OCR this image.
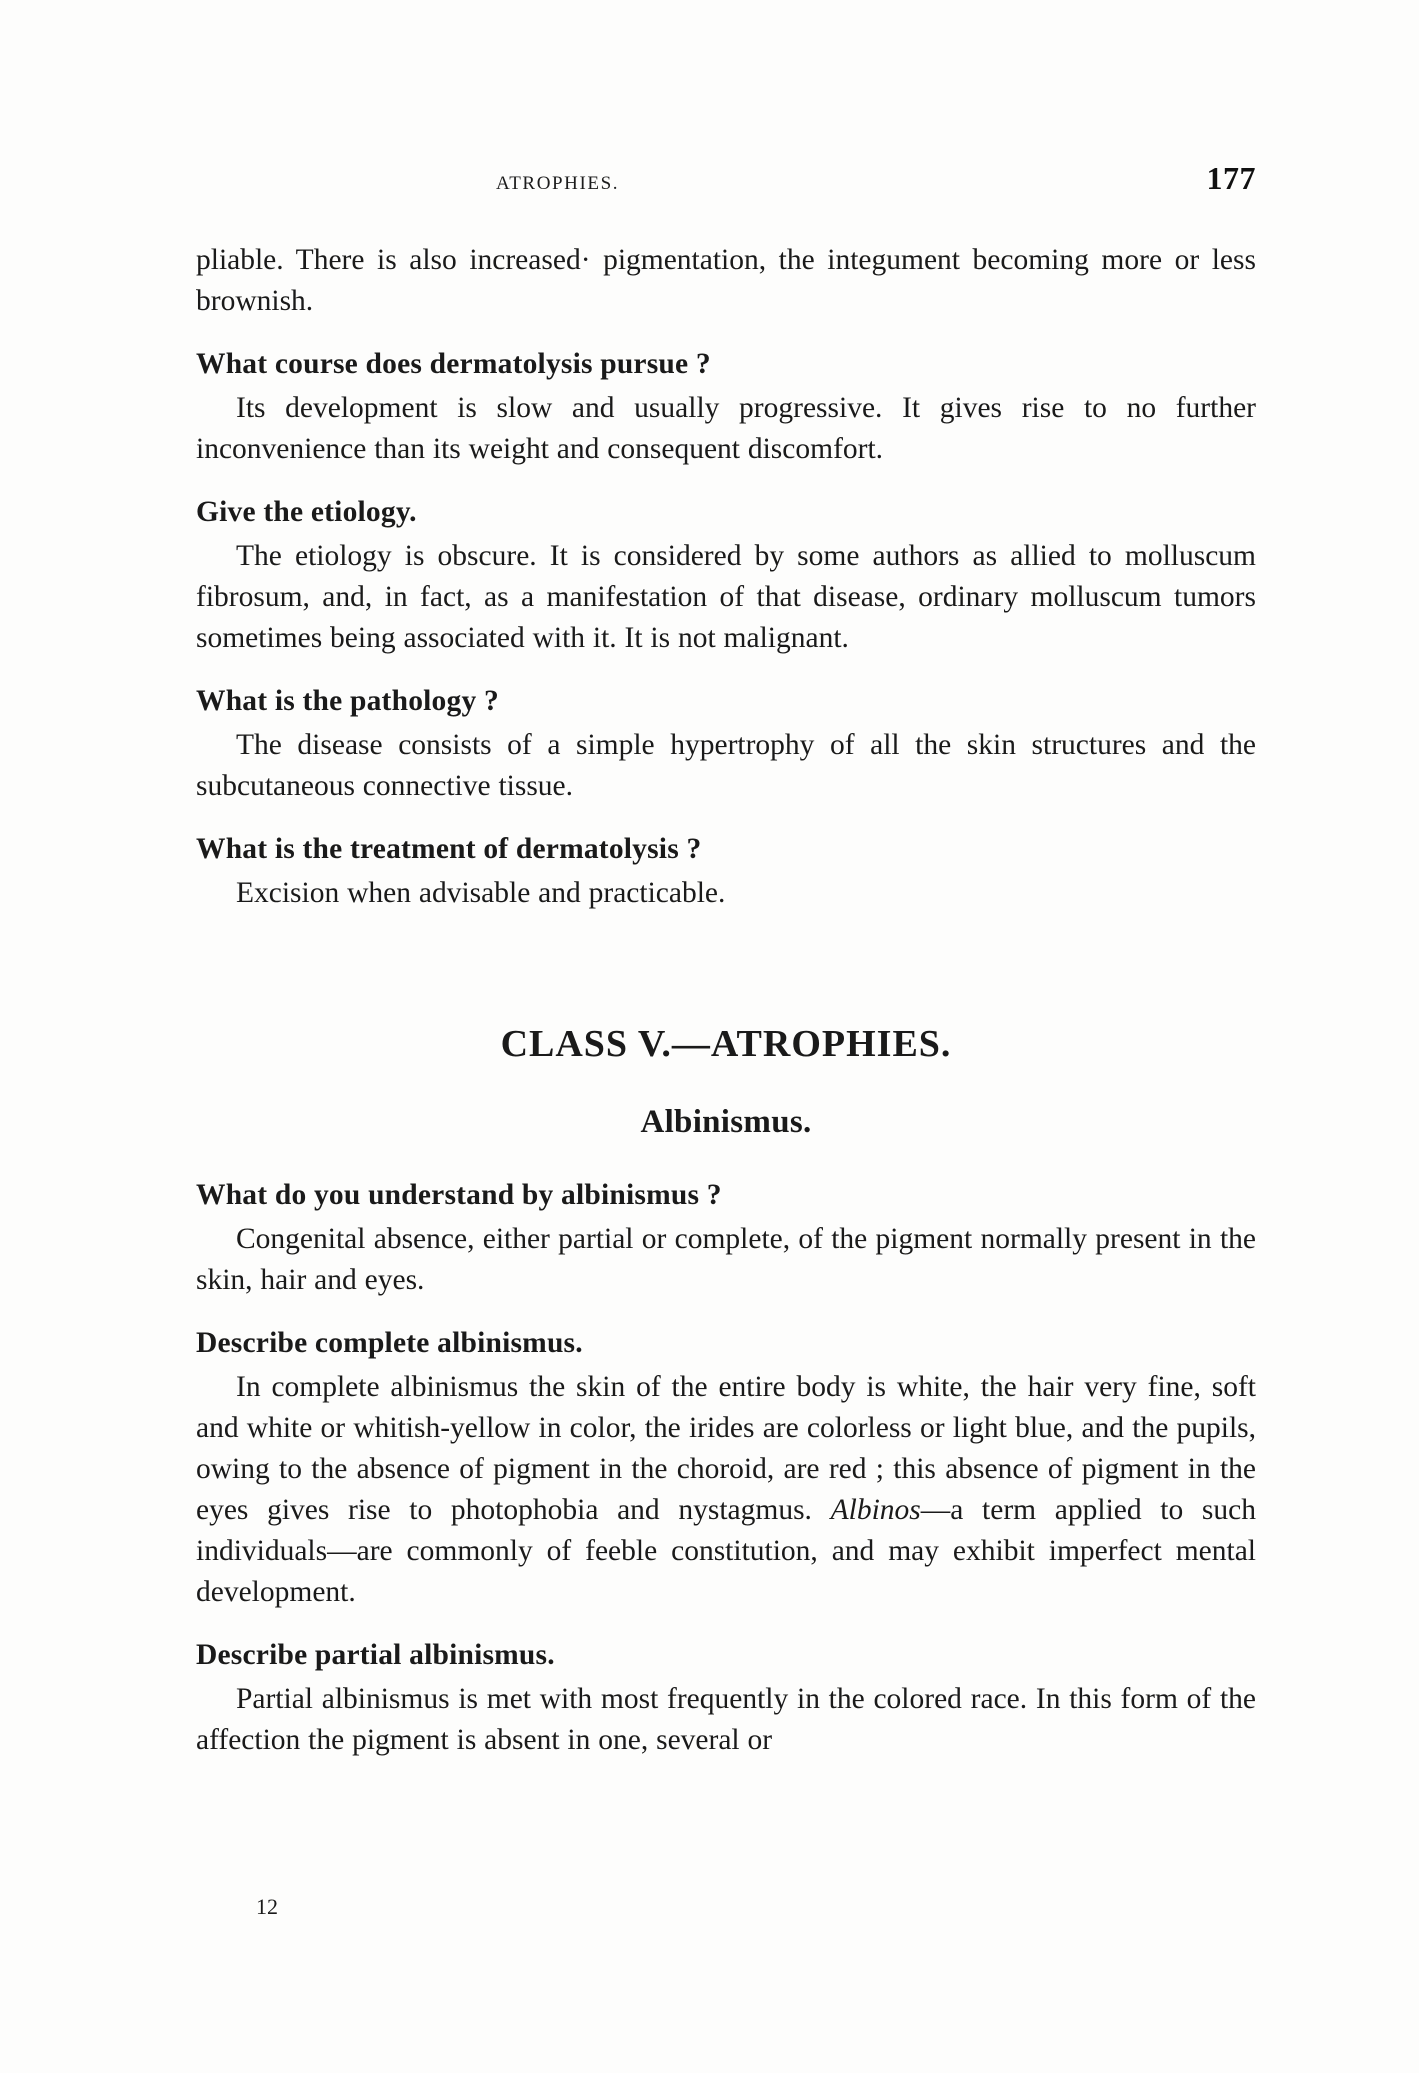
ATROPHIES.	177

pliable. There is also increased· pigmentation, the integument becoming more or less brownish.

What course does dermatolysis pursue ?

Its development is slow and usually progressive. It gives rise to no further inconvenience than its weight and consequent discomfort.

Give the etiology.

The etiology is obscure. It is considered by some authors as allied to molluscum fibrosum, and, in fact, as a manifestation of that disease, ordinary molluscum tumors sometimes being associated with it. It is not malignant.

What is the pathology ?

The disease consists of a simple hypertrophy of all the skin structures and the subcutaneous connective tissue.

What is the treatment of dermatolysis ?

Excision when advisable and practicable.

CLASS V.—ATROPHIES.
Albinismus.
What do you understand by albinismus ?

Congenital absence, either partial or complete, of the pigment normally present in the skin, hair and eyes.

Describe complete albinismus.

In complete albinismus the skin of the entire body is white, the hair very fine, soft and white or whitish-yellow in color, the irides are colorless or light blue, and the pupils, owing to the absence of pigment in the choroid, are red ; this absence of pigment in the eyes gives rise to photophobia and nystagmus. Albinos—a term applied to such individuals—are commonly of feeble constitution, and may exhibit imperfect mental development.

Describe partial albinismus.

Partial albinismus is met with most frequently in the colored race. In this form of the affection the pigment is absent in one, several or

12
